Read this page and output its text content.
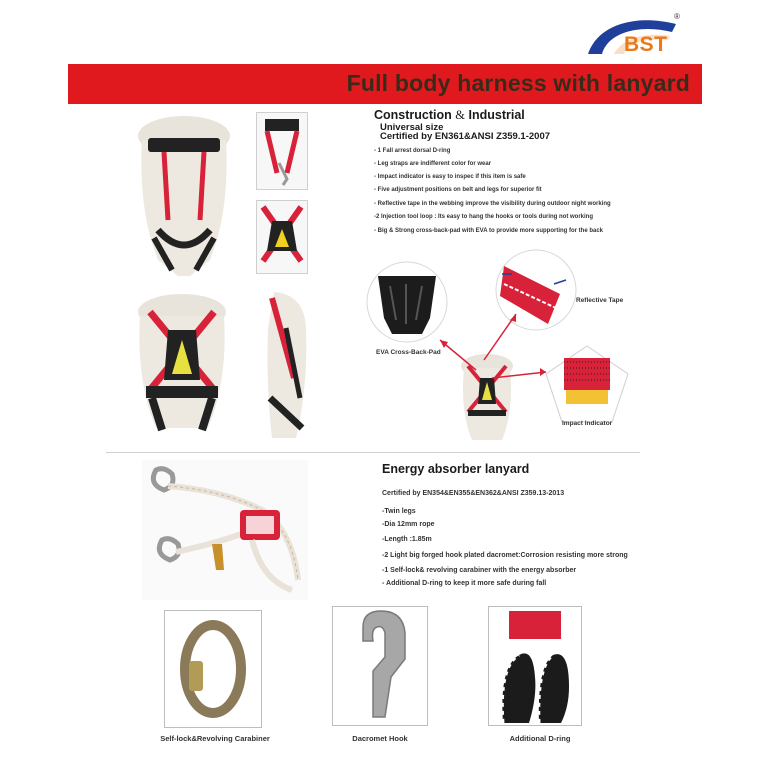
BST
®
Full body harness with lanyard
Construction & Industrial
Universal size
Certified by EN361&ANSI Z359.1-2007
- 1 Fall arrest dorsal D-ring
- Leg straps are indifferent color for wear
- Impact indicator is easy to inspec if this item is safe
- Five adjustment positions on belt and legs for superior fit
- Reflective tape in the webbing improve the visibility during outdoor night working
-2 Injection tool loop : Its easy to hang the hooks or tools during not working
- Big & Strong cross-back-pad with EVA to provide more supporting for the back
EVA Cross-Back-Pad
Reflective Tape
Impact Indicator
Energy absorber lanyard
Certified by EN354&EN355&EN362&ANSI Z359.13-2013
-Twin legs
-Dia 12mm rope
-Length :1.85m
-2 Light big forged hook plated dacromet:Corrosion resisting more strong
-1 Self-lock& revolving carabiner with the energy absorber
- Additional D-ring to keep it more safe during fall
Self-lock&Revolving Carabiner	Dacromet Hook	Additional D-ring
